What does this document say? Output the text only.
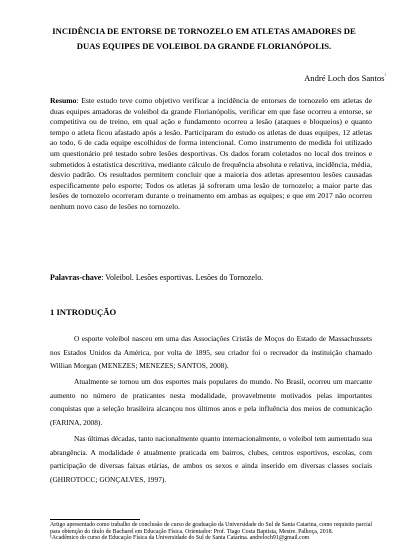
INCIDÊNCIA DE ENTORSE DE TORNOZELO EM ATLETAS AMADORES DE
DUAS EQUIPES DE VOLEIBOL DA GRANDE FLORIANÓPOLIS.
André Loch dos Santos$^{^1}$
Resumo: Este estudo teve como objetivo verificar a incidência de entorses de tornozelo em atletas de duas equipes amadoras de voleibol da grande Florianópolis, verificar em que fase ocorreu a entorse, se competitiva ou de treino, em qual ação e fundamento ocorreu a lesão (ataques e bloqueios) e quanto tempo o atleta ficou afastado após a lesão. Participaram do estudo os atletas de duas equipes, 12 atletas ao todo, 6 de cada equipe escolhidos de forma intencional. Como instrumento de medida foi utilizado um questionário pré testado sobre lesões desportivas. Os dados foram coletados no local dos treinos e submetidos à estatística descritiva, mediante cálculo de frequência absoluta e relativa, incidência, média, desvio padrão. Os resultados permitem concluir que a maioria dos atletas apresentou lesões causadas especificamente pelo esporte; Todos os atletas já sofreram uma lesão de tornozelo; a maior parte das lesões de tornozelo ocorreram durante o treinamento em ambas as equipes; e que em 2017 não ocorreu nenhum novo caso de lesões no tornozelo.
Palavras-chave: Voleibol. Lesões esportivas. Lesões do Tornozelo.
1 INTRODUÇÃO
O esporte voleibol nasceu em uma das Associações Cristãs de Moços do Estado de Massachussets nos Estados Unidos da América, por volta de 1895, seu criador foi o recreador da instituição chamado Willian Morgan (MENEZES; MENEZES; SANTOS, 2008).
Atualmente se tornou um dos esportes mais populares do mundo. No Brasil, ocorreu um marcante aumento no número de praticantes nesta modalidade, provavelmente motivados pelas importantes conquistas que a seleção brasileira alcançou nos últimos anos e pela influência dos meios de comunicação (FARINA, 2008).
Nas últimas décadas, tanto nacionalmente quanto internacionalmente, o voleibol tem aumentado sua abrangência. A modalidade é atualmente praticada em bairros, clubes, centros esportivos, escolas, com participação de diversas faixas etárias, de ambos os sexos e ainda inserido em diversas classes sociais (GHIROTOCC; GONÇALVES, 1997).
Artigo apresentado como trabalho de conclusão de curso de graduação da Universidade do Sul de Santa Catarina, como requisito parcial para obtenção do título de Bacharel em Educação Física. Orientador: Prof. Tiago Costa Baptista, Mestre. Palhoça, 2018.
¹Acadêmico do curso de Educação Física da Universidade do Sul de Santa Catarina. andreloch91@gmail.com
